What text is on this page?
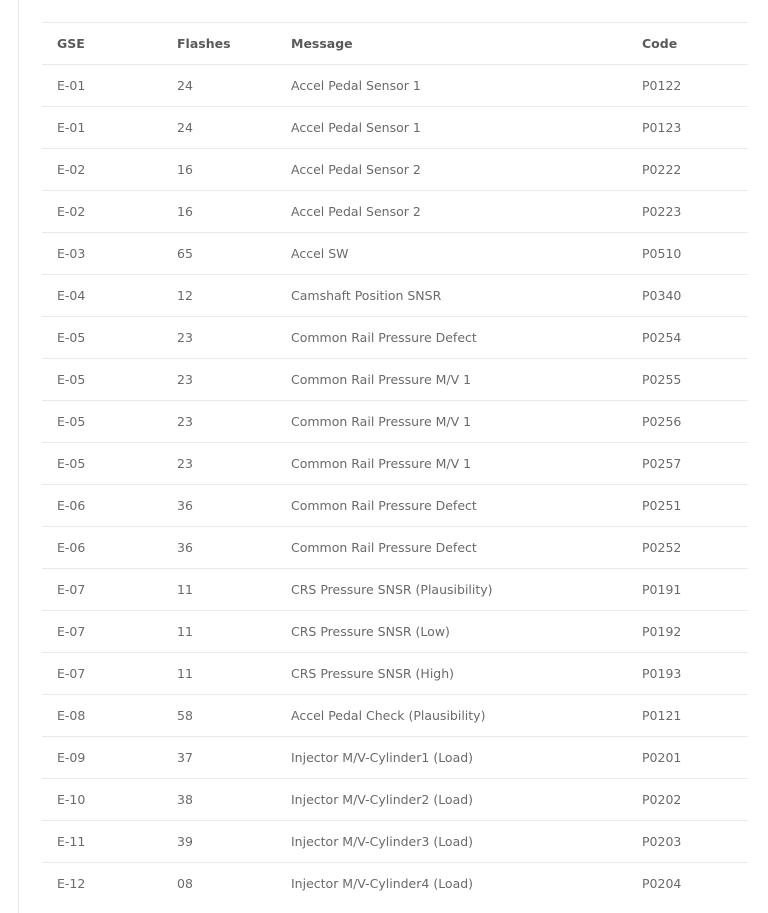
GSE	Flashes	Message	Code
E-01	24	Accel Pedal Sensor 1	P0122
E-01	24	Accel Pedal Sensor 1	P0123
E-02	16	Accel Pedal Sensor 2	P0222
E-02	16	Accel Pedal Sensor 2	P0223
E-03	65	Accel SW	P0510
E-04	12	Camshaft Position SNSR	P0340
E-05	23	Common Rail Pressure Defect	P0254
E-05	23	Common Rail Pressure M/V 1	P0255
E-05	23	Common Rail Pressure M/V 1	P0256
E-05	23	Common Rail Pressure M/V 1	P0257
E-06	36	Common Rail Pressure Defect	P0251
E-06	36	Common Rail Pressure Defect	P0252
E-07	11	CRS Pressure SNSR (Plausibility)	P0191
E-07	11	CRS Pressure SNSR (Low)	P0192
E-07	11	CRS Pressure SNSR (High)	P0193
E-08	58	Accel Pedal Check (Plausibility)	P0121
E-09	37	Injector M/V-Cylinder1 (Load)	P0201
E-10	38	Injector M/V-Cylinder2 (Load)	P0202
E-11	39	Injector M/V-Cylinder3 (Load)	P0203
E-12	08	Injector M/V-Cylinder4 (Load)	P0204
